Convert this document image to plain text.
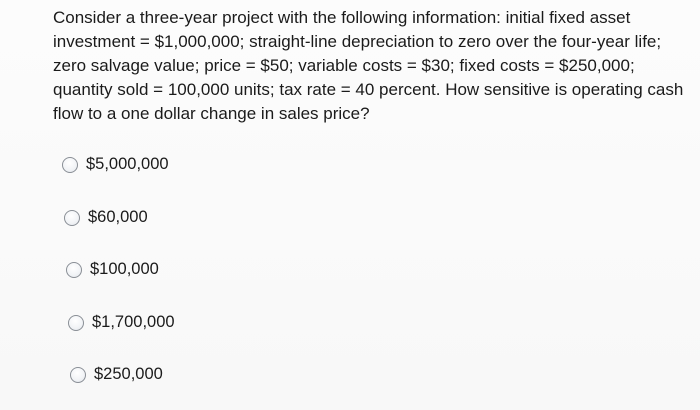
Consider a three-year project with the following information: initial fixed asset
investment = $1,000,000; straight-line depreciation to zero over the four-year life;
zero salvage value; price = $50; variable costs = $30; fixed costs = $250,000;
quantity sold = 100,000 units; tax rate = 40 percent. How sensitive is operating cash
flow to a one dollar change in sales price?

$5,000,000
$60,000
$100,000
$1,700,000
$250,000
